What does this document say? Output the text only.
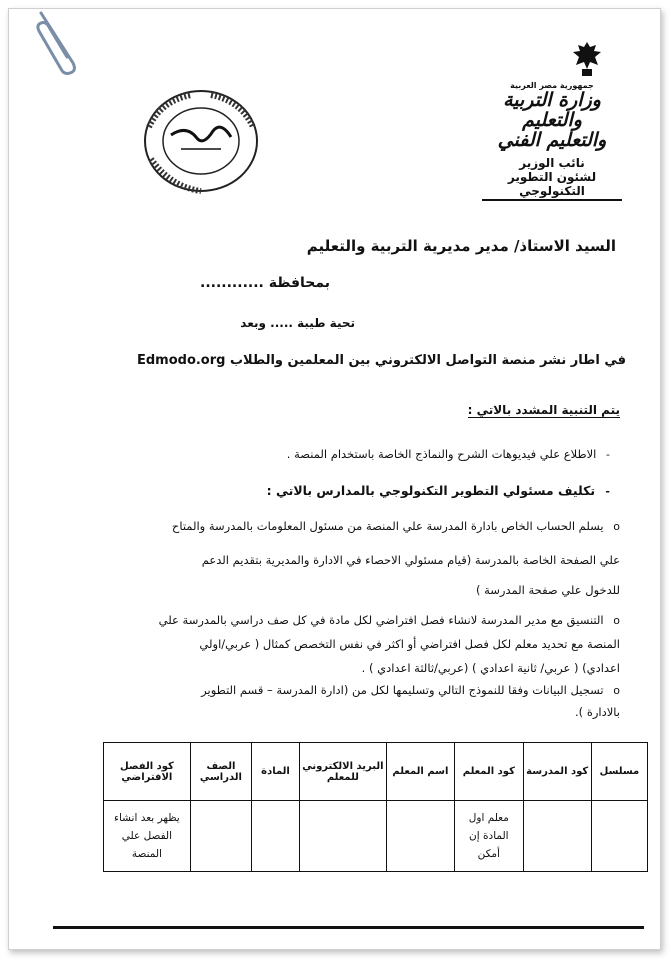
جمهورية مصر العربية
وزارة التربية والتعليم
والتعليم الفني
نائب الوزير
لشئون التطوير التكنولوجي
السيد الاستاذ/ مدير مديرية التربية والتعليم
بمحافظة ............
تحية طيبة ..... وبعد
في اطار نشر منصة التواصل الالكتروني بين المعلمين والطلاب Edmodo.org
يتم التنبية المشدد بالاتي :
- الاطلاع علي فيديوهات الشرح والنماذج الخاصة باستخدام المنصة .
- تكليف مسئولي التطوير التكنولوجي بالمدارس بالاتي :
o يسلم الحساب الخاص بادارة المدرسة علي المنصة من مسئول المعلومات بالمدرسة والمتاح
علي الصفحة الخاصة بالمدرسة (قيام مسئولي الاحصاء في الادارة والمديرية بتقديم الدعم
للدخول علي صفحة المدرسة )
o التنسيق مع مدير المدرسة لانشاء فصل افتراضي لكل مادة في كل صف دراسي بالمدرسة علي
المنصة مع تحديد معلم لكل فصل افتراضي أو اكثر في نفس التخصص كمثال ( عربي/اولي
اعدادي) ( عربي/ ثانية اعدادي ) (عربي/ثالثة اعدادي ) .
o تسجيل البيانات وفقا للنموذج التالي وتسليمها لكل من (ادارة المدرسة – قسم التطوير
بالادارة ).
مسلسل	كود المدرسة	كود المعلم	اسم المعلم	البريد الالكتروني للمعلم	المادة	الصف الدراسي	كود الفصل الافتراضي
		معلم اول المادة إن أمكن					يظهر بعد انشاء الفصل علي المنصة
